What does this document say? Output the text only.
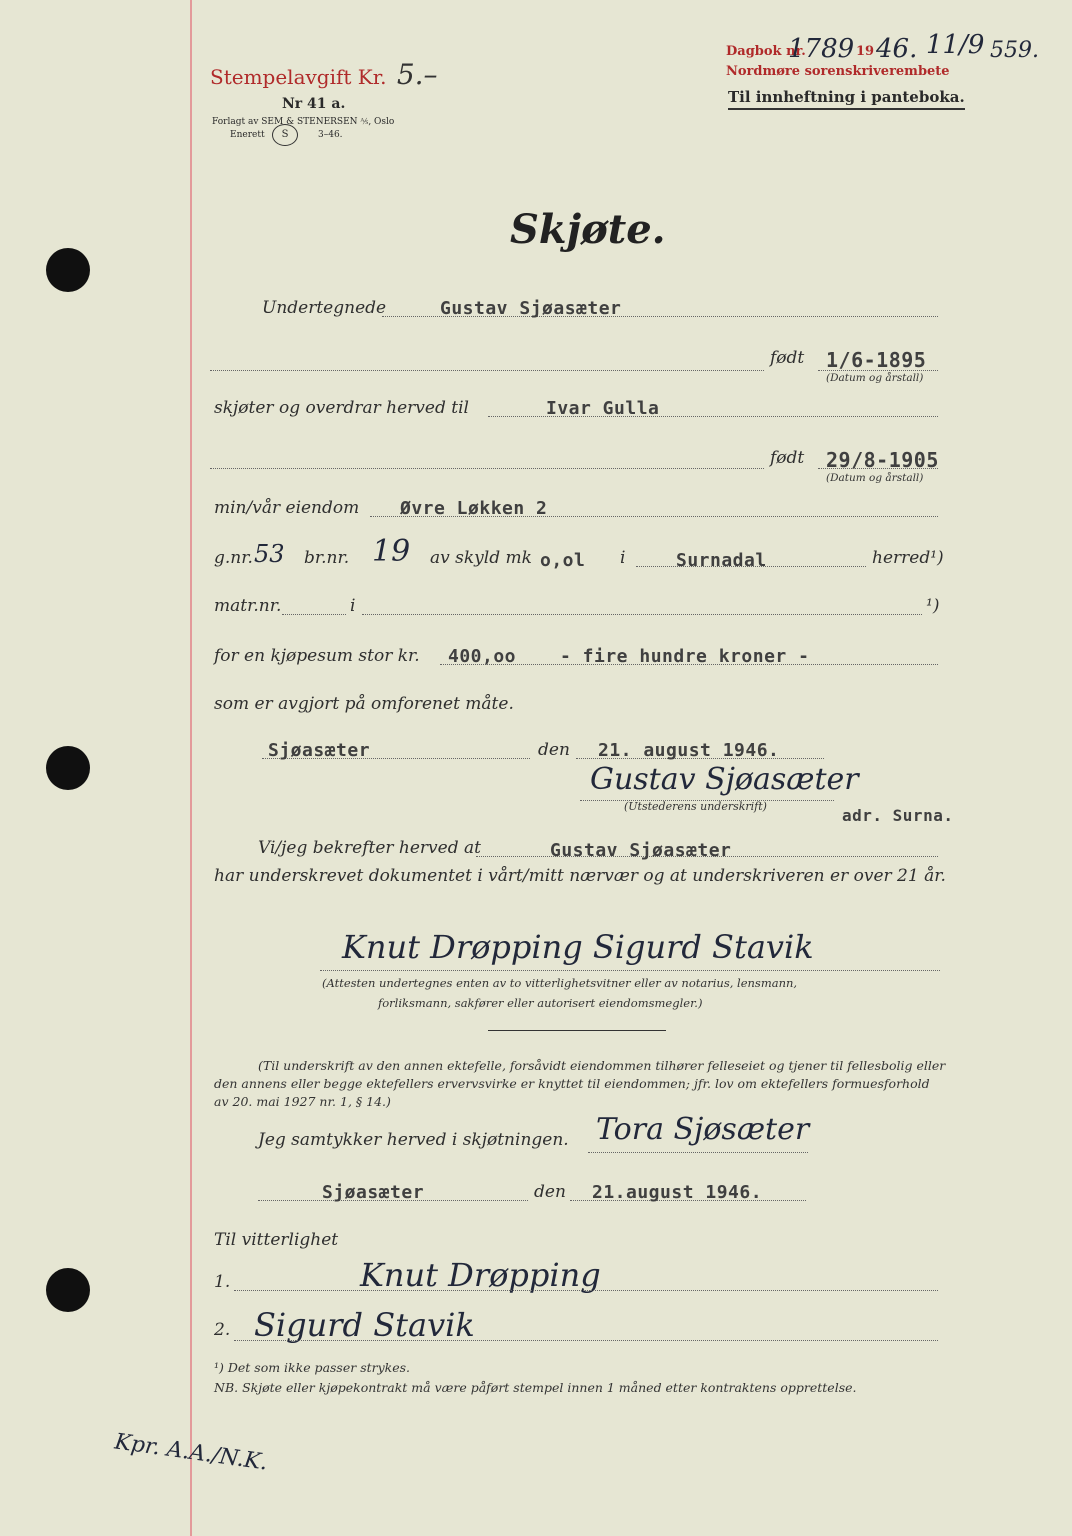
Stempelavgift Kr. 5.–
Nr 41 a.
Forlagt av SEM & STENERSEN ⅍, Oslo
Enerett	S	3–46.
Dagbok nr.
1789 19 46. 11/9 559.
Nordmøre sorenskriverembete
Til innheftning i panteboka.
Skjøte.
Undertegnede	Gustav Sjøasæter
født 1/6-1895
(Datum og årstall)
skjøter og overdrar herved til	Ivar Gulla
født 29/8-1905
(Datum og årstall)
min/vår eiendom Øvre Løkken 2
g.nr. 53 br.nr. 19 av skyld mk o,ol i	Surnadal	herred¹)
matr.nr.	i	¹)
for en kjøpesum stor kr. 400,oo - fire hundre kroner -
som er avgjort på omforenet måte.
Sjøasæter	den 21. august 1946.
Gustav Sjøasæter
(Utstederens underskrift)	adr. Surna.
Vi/jeg bekrefter herved at	Gustav Sjøasæter
har underskrevet dokumentet i vårt/mitt nærvær og at underskriveren er over 21 år.
Knut Drøpping Sigurd Stavik
(Attesten undertegnes enten av to vitterlighetsvitner eller av notarius, lensmann,
forliksmann, sakfører eller autorisert eiendomsmegler.)
(Til underskrift av den annen ektefelle, forsåvidt eiendommen tilhører felleseiet og tjener til fellesbolig eller
den annens eller begge ektefellers ervervsvirke er knyttet til eiendommen; jfr. lov om ektefellers formuesforhold
av 20. mai 1927 nr. 1, § 14.)
Jeg samtykker herved i skjøtningen. Tora Sjøsæter
Sjøasæter	den 21.august 1946.
Til vitterlighet
1.	Knut Drøpping
2. Sigurd Stavik
¹) Det som ikke passer strykes.
NB. Skjøte eller kjøpekontrakt må være påført stempel innen 1 måned etter kontraktens opprettelse.
Kpr. A.A./N.K.
